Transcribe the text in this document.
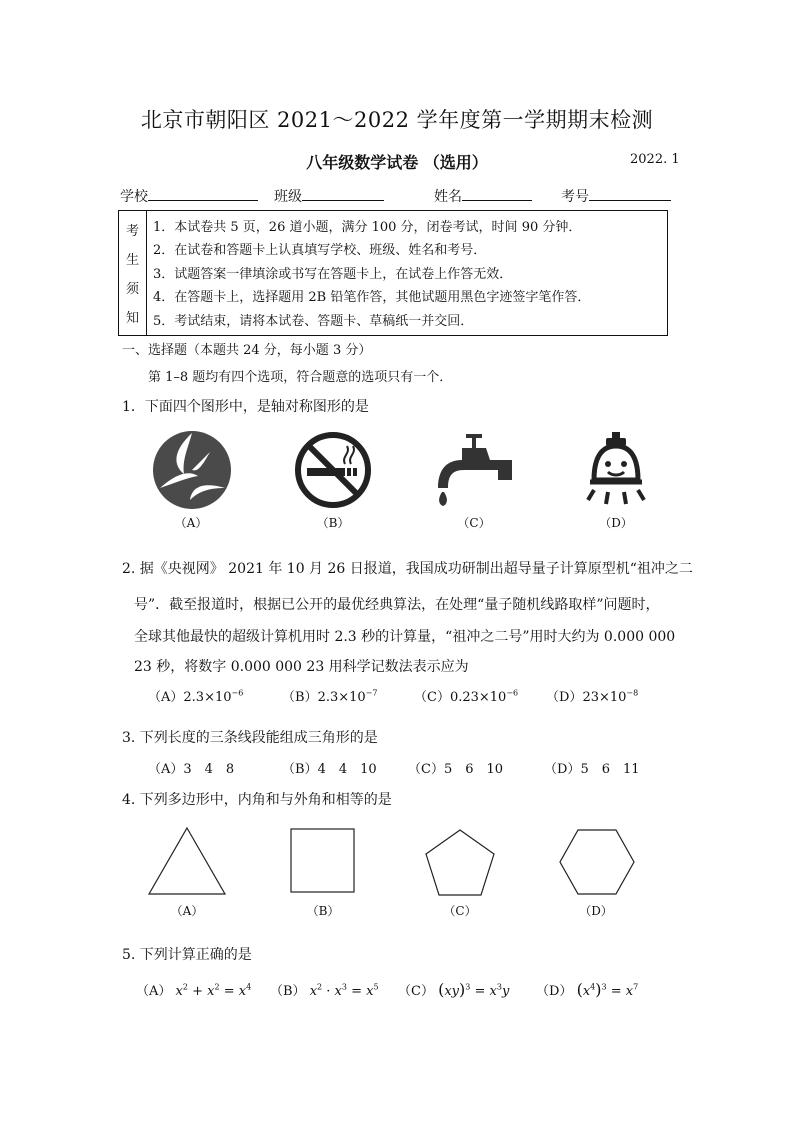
北京市朝阳区 2021～2022 学年度第一学期期末检测
八年级数学试卷 （选用）	2022. 1
学校	班级	姓名	考号
考
生
须
知
1．本试卷共 5 页，26 道小题，满分 100 分，闭卷考试，时间 90 分钟．
2．在试卷和答题卡上认真填写学校、班级、姓名和考号．
3．试题答案一律填涂或书写在答题卡上，在试卷上作答无效．
4．在答题卡上，选择题用 2B 铅笔作答，其他试题用黑色字迹签字笔作答．
5．考试结束，请将本试卷、答题卡、草稿纸一并交回．
一、选择题（本题共 24 分，每小题 3 分）
第 1–8 题均有四个选项，符合题意的选项只有一个．
1．下面四个图形中，是轴对称图形的是
（A）	（B）	（C）	（D）
2. 据《央视网》 2021 年 10 月 26 日报道，我国成功研制出超导量子计算原型机“祖冲之二
号”．截至报道时，根据已公开的最优经典算法，在处理“量子随机线路取样”问题时，
全球其他最快的超级计算机用时 2.3 秒的计算量，“祖冲之二号”用时大约为 0.000 000
23 秒，将数字 0.000 000 23 用科学记数法表示应为
$(A)2.3\times 10^{-6}$	$(B)2.3\times 10^{-7}$	$(C)0.23\times 10^{-6}$ $(D)23\times 10^{-8}$
3. 下列长度的三条线段能组成三角形的是
（A）3　4　8	（B）4　4　10 （C）5　6　10	（D）5　6　11
4. 下列多边形中，内角和与外角和相等的是
（A）	（B）	（C）	（D）
5. 下列计算正确的是
（A） $x^2 + x^2 = x^4$ （B） $x^2 \cdot x^3 = x^5$ （C） $(xy)^3 = x^3y$ （D） $(x^4)^3 = x^7$
